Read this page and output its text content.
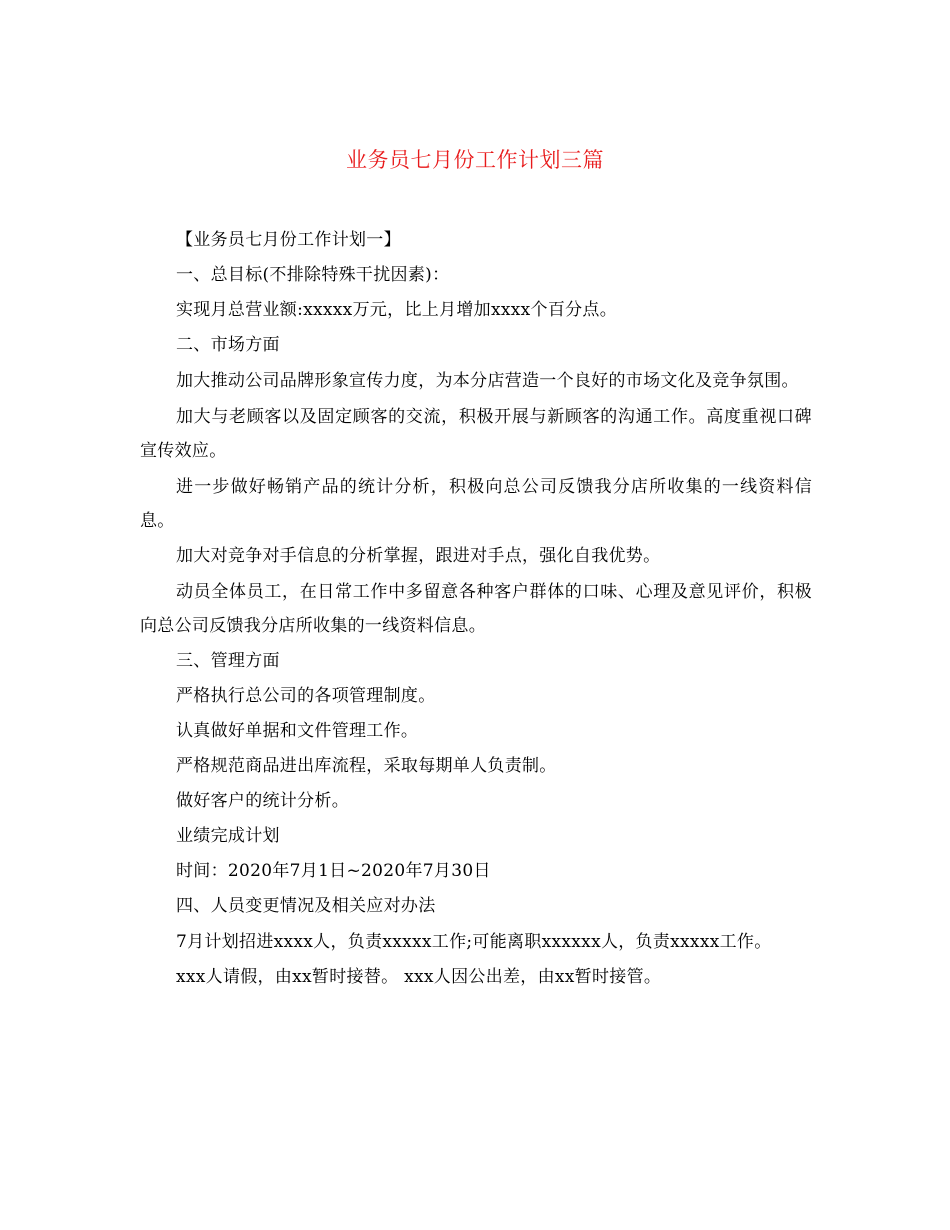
业务员七月份工作计划三篇

【业务员七月份工作计划一】

一、总目标(不排除特殊干扰因素)：

实现月总营业额:xxxxx万元，比上月增加xxxx个百分点。

二、市场方面

加大推动公司品牌形象宣传力度，为本分店营造一个良好的市场文化及竞争氛围。

加大与老顾客以及固定顾客的交流，积极开展与新顾客的沟通工作。高度重视口碑宣传效应。

进一步做好畅销产品的统计分析，积极向总公司反馈我分店所收集的一线资料信息。

加大对竞争对手信息的分析掌握，跟进对手点，强化自我优势。

动员全体员工，在日常工作中多留意各种客户群体的口味、心理及意见评价，积极向总公司反馈我分店所收集的一线资料信息。

三、管理方面

严格执行总公司的各项管理制度。

认真做好单据和文件管理工作。

严格规范商品进出库流程，采取每期单人负责制。

做好客户的统计分析。

业绩完成计划

时间：2020年7月1日~2020年7月30日

四、人员变更情况及相关应对办法

7月计划招进xxxx人，负责xxxxx工作;可能离职xxxxxx人，负责xxxxx工作。

xxx人请假，由xx暂时接替。 xxx人因公出差，由xx暂时接管。
